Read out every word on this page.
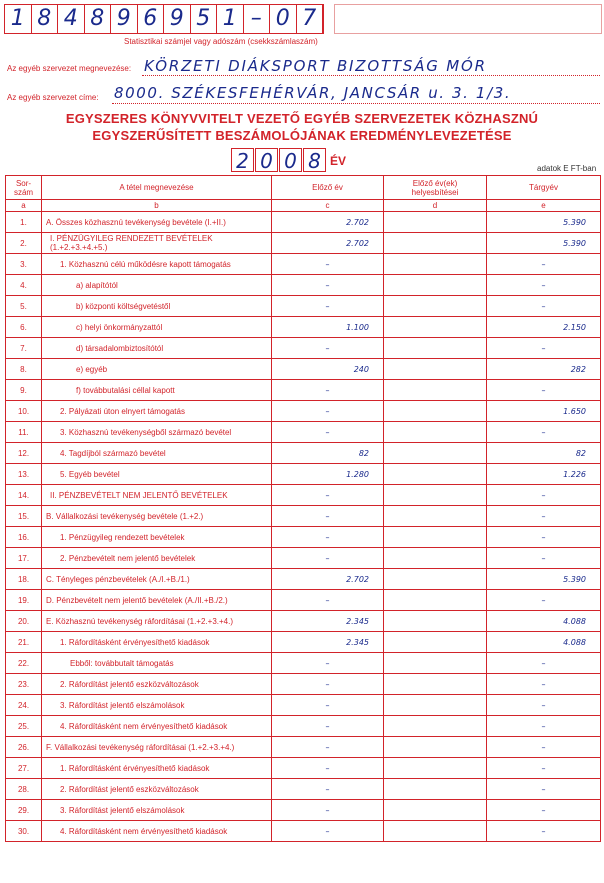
1 8 4 8 9 6 9 5 1 – 0 7
Statisztikai számjel vagy adószám (csekkszámlaszám)
Az egyéb szervezet megnevezése: KÖRZETI DIÁKSPORT BIZOTTSÁG MÓR
Az egyéb szervezet címe: 8000. SZÉKESFEHÉRVÁR, JANCSÁR u. 3. 1/3.
EGYSZERES KÖNYVVITELT VEZETŐ EGYÉB SZERVEZETEK KÖZHASZNÚ
EGYSZERŰSÍTETT BESZÁMOLÓJÁNAK EREDMÉNYLEVEZETÉSE
2 0 0 8 ÉV
adatok E FT-ban
Sor-
szám	A tétel megnevezése	Előző év	Előző év(ek)
helyesbítései	Tárgyév
a	b	c	d	e
1.	A. Összes közhasznú tevékenység bevétele (I.+II.)	2.702		5.390
2.	I. PÉNZÜGYILEG RENDEZETT BEVÉTELEK (1.+2.+3.+4.+5.)	2.702		5.390
3.	1. Közhasznú célú működésre kapott támogatás	–		–
4.	a) alapítótól	–		–
5.	b) központi költségvetéstől	–		–
6.	c) helyi önkormányzattól	1.100		2.150
7.	d) társadalombiztosítótól	–		–
8.	e) egyéb	240		282
9.	f) továbbutalási céllal kapott	–		–
10.	2. Pályázati úton elnyert támogatás	–		1.650
11.	3. Közhasznú tevékenységből származó bevétel	–		–
12.	4. Tagdíjból származó bevétel	82		82
13.	5. Egyéb bevétel	1.280		1.226
14.	II. PÉNZBEVÉTELT NEM JELENTŐ BEVÉTELEK	–		–
15.	B. Vállalkozási tevékenység bevétele (1.+2.)	–		–
16.	1. Pénzügyileg rendezett bevételek	–		–
17.	2. Pénzbevételt nem jelentő bevételek	–		–
18.	C. Tényleges pénzbevételek (A./I.+B./1.)	2.702		5.390
19.	D. Pénzbevételt nem jelentő bevételek (A./II.+B./2.)	–		–
20.	E. Közhasznú tevékenység ráfordításai (1.+2.+3.+4.)	2.345		4.088
21.	1. Ráfordításként érvényesíthető kiadások	2.345		4.088
22.	Ebből: továbbutalt támogatás	–		–
23.	2. Ráfordítást jelentő eszközváltozások	–		–
24.	3. Ráfordítást jelentő elszámolások	–		–
25.	4. Ráfordításként nem érvényesíthető kiadások	–		–
26.	F. Vállalkozási tevékenység ráfordításai (1.+2.+3.+4.)	–		–
27.	1. Ráfordításként érvényesíthető kiadások	–		–
28.	2. Ráfordítást jelentő eszközváltozások	–		–
29.	3. Ráfordítást jelentő elszámolások	–		–
30.	4. Ráfordításként nem érvényesíthető kiadások	–		–
